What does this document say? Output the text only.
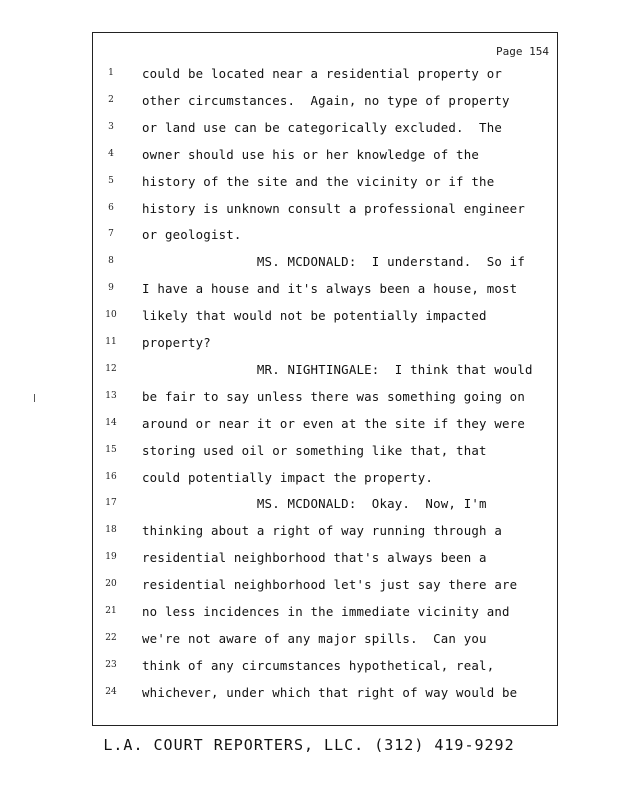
Page 154
1	could be located near a residential property or
2	other circumstances.  Again, no type of property
3	or land use can be categorically excluded.  The
4	owner should use his or her knowledge of the
5	history of the site and the vicinity or if the
6	history is unknown consult a professional engineer
7	or geologist.
8	MS. MCDONALD:  I understand.  So if
9	I have a house and it's always been a house, most
10	likely that would not be potentially impacted
11	property?
12	MR. NIGHTINGALE:  I think that would
13	be fair to say unless there was something going on
14	around or near it or even at the site if they were
15	storing used oil or something like that, that
16	could potentially impact the property.
17	MS. MCDONALD:  Okay.  Now, I'm
18	thinking about a right of way running through a
19	residential neighborhood that's always been a
20	residential neighborhood let's just say there are
21	no less incidences in the immediate vicinity and
22	we're not aware of any major spills.  Can you
23	think of any circumstances hypothetical, real,
24	whichever, under which that right of way would be
L.A. COURT REPORTERS, LLC. (312) 419-9292
